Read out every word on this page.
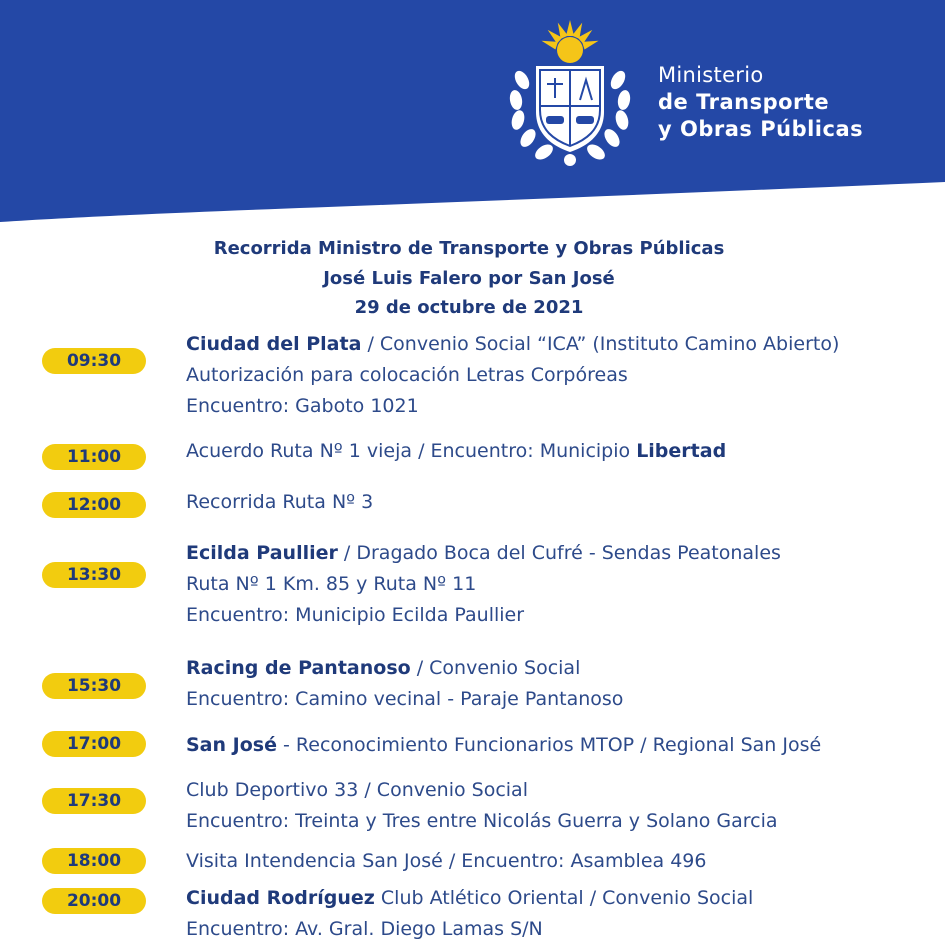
Ministerio
de Transporte
y Obras Públicas
Recorrida Ministro de Transporte y Obras Públicas
José Luis Falero por San José
29 de octubre de 2021
09:30
Ciudad del Plata / Convenio Social “ICA” (Instituto Camino Abierto)
Autorización para colocación Letras Corpóreas
Encuentro: Gaboto 1021
11:00	Acuerdo Ruta Nº 1 vieja / Encuentro: Municipio Libertad
12:00	Recorrida Ruta Nº 3
13:30
Ecilda Paullier / Dragado Boca del Cufré - Sendas Peatonales
Ruta Nº 1 Km. 85 y Ruta Nº 11
Encuentro: Municipio Ecilda Paullier
15:30
Racing de Pantanoso / Convenio Social
Encuentro: Camino vecinal - Paraje Pantanoso
17:00	San José - Reconocimiento Funcionarios MTOP / Regional San José
17:30	Club Deportivo 33 / Convenio Social
Encuentro: Treinta y Tres entre Nicolás Guerra y Solano Garcia
18:00	Visita Intendencia San José / Encuentro: Asamblea 496
20:00	Ciudad Rodríguez Club Atlético Oriental / Convenio Social
Encuentro: Av. Gral. Diego Lamas S/N
